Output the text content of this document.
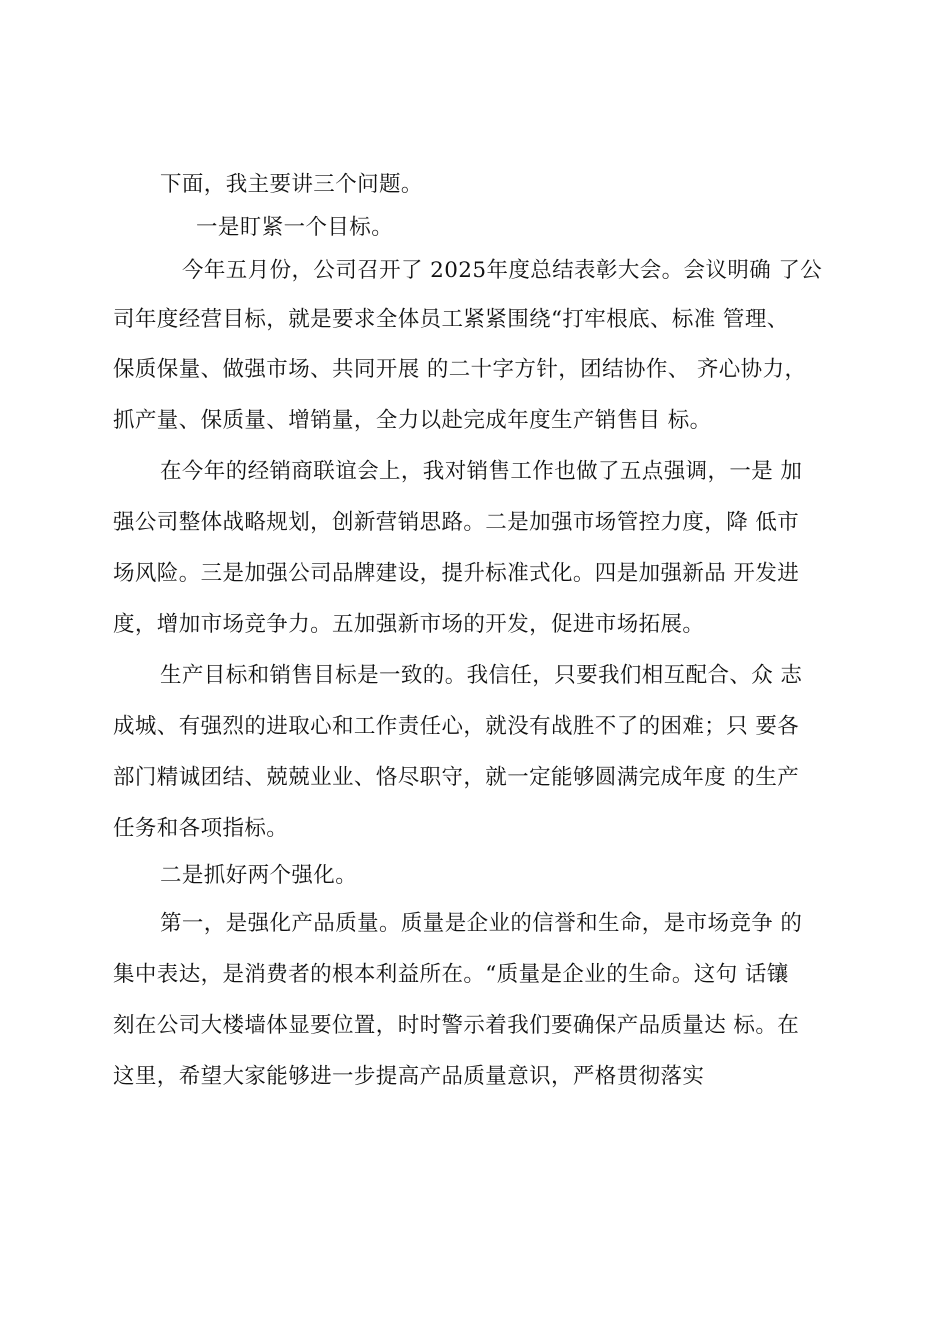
下面，我主要讲三个问题。
一是盯紧一个目标。
今年五月份，公司召开了 2025年度总结表彰大会。会议明确 了公
司年度经营目标，就是要求全体员工紧紧围绕“打牢根底、标准 管理、
保质保量、做强市场、共同开展 的二十字方针，团结协作、 齐心协力，
抓产量、保质量、增销量，全力以赴完成年度生产销售目 标。
在今年的经销商联谊会上，我对销售工作也做了五点强调，一是 加
强公司整体战略规划，创新营销思路。二是加强市场管控力度，降 低市
场风险。三是加强公司品牌建设，提升标准式化。四是加强新品 开发进
度，增加市场竞争力。五加强新市场的开发，促进市场拓展。
生产目标和销售目标是一致的。我信任，只要我们相互配合、众 志
成城、有强烈的进取心和工作责任心，就没有战胜不了的困难；只 要各
部门精诚团结、兢兢业业、恪尽职守，就一定能够圆满完成年度 的生产
任务和各项指标。
二是抓好两个强化。
第一，是强化产品质量。质量是企业的信誉和生命，是市场竞争 的
集中表达，是消费者的根本利益所在。“质量是企业的生命。这句 话镶
刻在公司大楼墙体显要位置，时时警示着我们要确保产品质量达 标。在
这里，希望大家能够进一步提高产品质量意识，严格贯彻落实
